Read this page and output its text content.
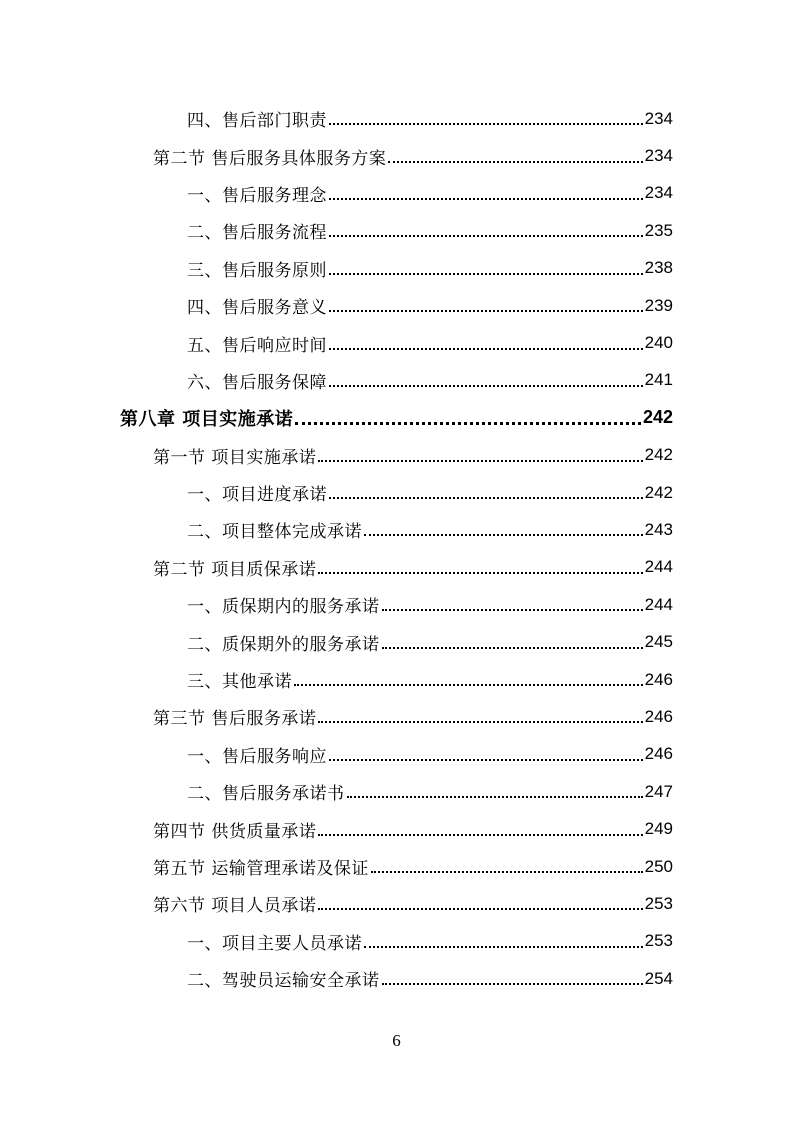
四、售后部门职责	234
第二节 售后服务具体服务方案	234
一、售后服务理念	234
二、售后服务流程	235
三、售后服务原则	238
四、售后服务意义	239
五、售后响应时间	240
六、售后服务保障	241
第八章 项目实施承诺	242
第一节 项目实施承诺	242
一、项目进度承诺	242
二、项目整体完成承诺	243
第二节 项目质保承诺	244
一、质保期内的服务承诺	244
二、质保期外的服务承诺	245
三、其他承诺	246
第三节 售后服务承诺	246
一、售后服务响应	246
二、售后服务承诺书	247
第四节 供货质量承诺	249
第五节 运输管理承诺及保证	250
第六节 项目人员承诺	253
一、项目主要人员承诺	253
二、驾驶员运输安全承诺	254
6
